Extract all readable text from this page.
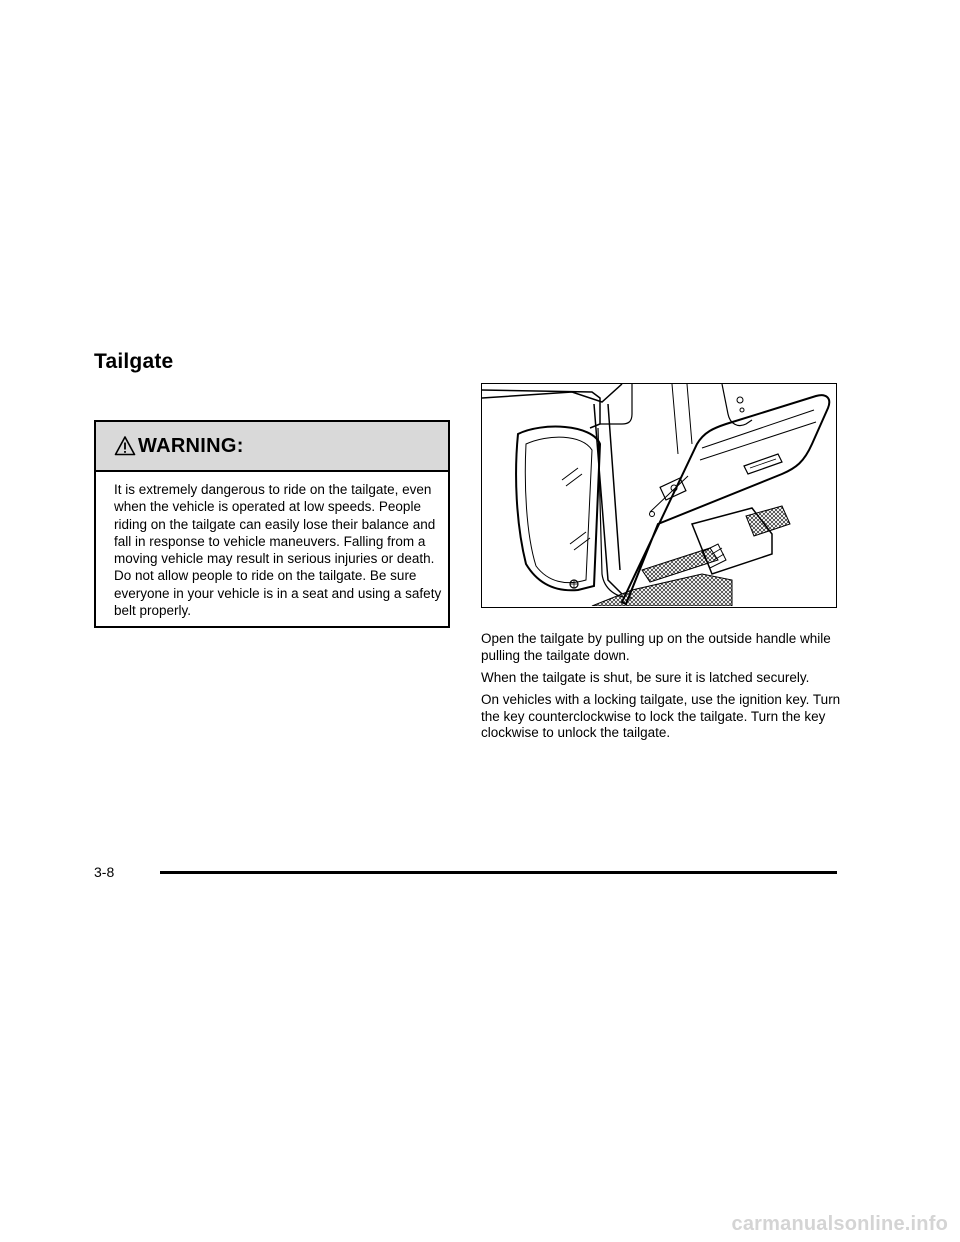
Tailgate
WARNING:

It is extremely dangerous to ride on the tailgate, even when the vehicle is operated at low speeds. People riding on the tailgate can easily lose their balance and fall in response to vehicle maneuvers. Falling from a moving vehicle may result in serious injuries or death. Do not allow people to ride on the tailgate. Be sure everyone in your vehicle is in a seat and using a safety belt properly.

Open the tailgate by pulling up on the outside handle while pulling the tailgate down.

When the tailgate is shut, be sure it is latched securely.

On vehicles with a locking tailgate, use the ignition key. Turn the key counterclockwise to lock the tailgate. Turn the key clockwise to unlock the tailgate.

3-8
carmanualsonline.info
